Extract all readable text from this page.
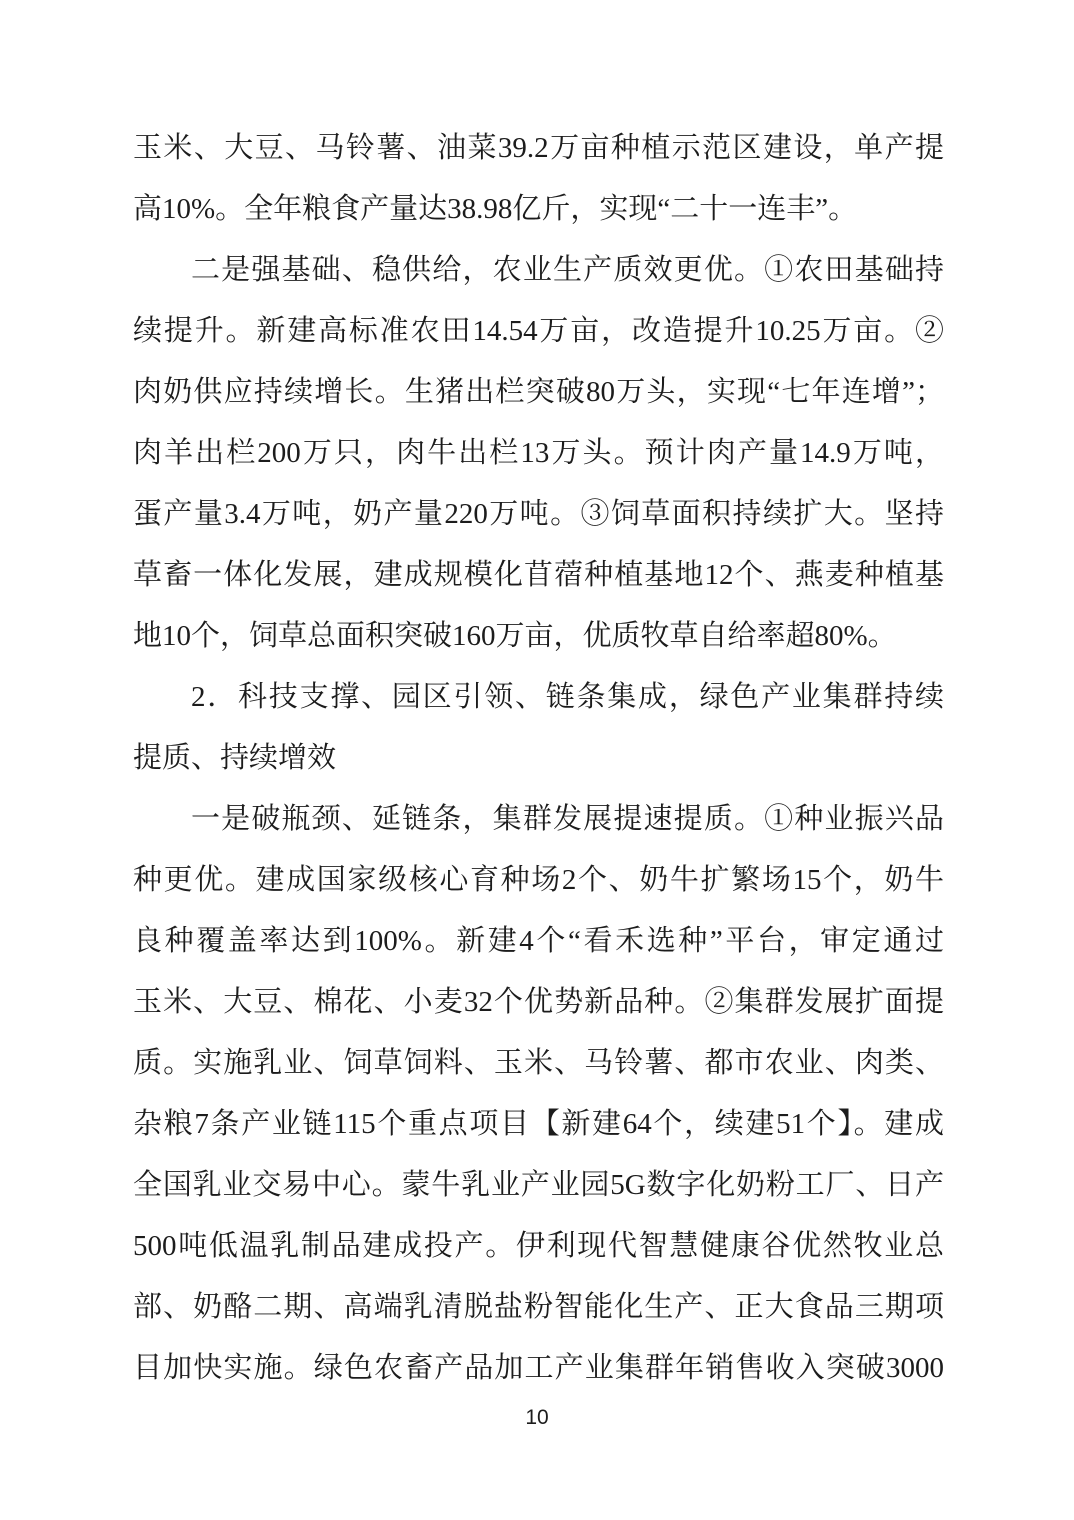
玉米、大豆、马铃薯、油菜39.2万亩种植示范区建设，单产提
高10%。全年粮食产量达38.98亿斤，实现“二十一连丰”。
二是强基础、稳供给，农业生产质效更优。①农田基础持
续提升。新建高标准农田14.54万亩，改造提升10.25万亩。②
肉奶供应持续增长。生猪出栏突破80万头，实现“七年连增”；
肉羊出栏200万只，肉牛出栏13万头。预计肉产量14.9万吨，
蛋产量3.4万吨，奶产量220万吨。③饲草面积持续扩大。坚持
草畜一体化发展，建成规模化苜蓿种植基地12个、燕麦种植基
地10个，饲草总面积突破160万亩，优质牧草自给率超80%。
2．科技支撑、园区引领、链条集成，绿色产业集群持续
提质、持续增效
一是破瓶颈、延链条，集群发展提速提质。①种业振兴品
种更优。建成国家级核心育种场2个、奶牛扩繁场15个，奶牛
良种覆盖率达到100%。新建4个“看禾选种”平台，审定通过
玉米、大豆、棉花、小麦32个优势新品种。②集群发展扩面提
质。实施乳业、饲草饲料、玉米、马铃薯、都市农业、肉类、
杂粮7条产业链115个重点项目【新建64个，续建51个】。建成
全国乳业交易中心。蒙牛乳业产业园5G数字化奶粉工厂、日产
500吨低温乳制品建成投产。伊利现代智慧健康谷优然牧业总
部、奶酪二期、高端乳清脱盐粉智能化生产、正大食品三期项
目加快实施。绿色农畜产品加工产业集群年销售收入突破3000
10
